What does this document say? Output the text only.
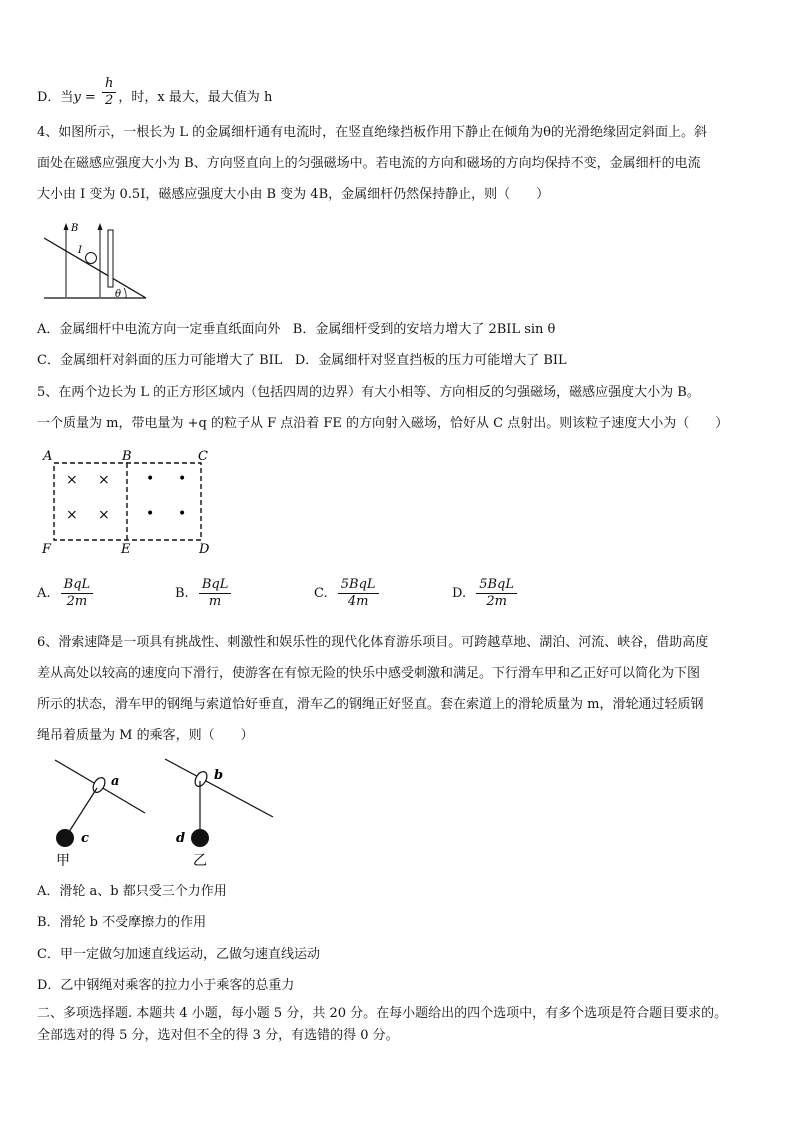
D．当$y = \frac{h}{2}$ ，时，x 最大，最大值为 h
4、如图所示，一根长为 L 的金属细杆通有电流时，在竖直绝缘挡板作用下静止在倾角为θ的光滑绝缘固定斜面上。斜
面处在磁感应强度大小为 B、方向竖直向上的匀强磁场中。若电流的方向和磁场的方向均保持不变，金属细杆的电流
大小由 I 变为 0.5I，磁感应强度大小由 B 变为 4B，金属细杆仍然保持静止，则（　　）
B
I
θ
A．金属细杆中电流方向一定垂直纸面向外 B．金属细杆受到的安培力增大了 2BIL sin θ
C．金属细杆对斜面的压力可能增大了 BIL D．金属细杆对竖直挡板的压力可能增大了 BIL
5、在两个边长为 L 的正方形区域内（包括四周的边界）有大小相等、方向相反的匀强磁场，磁感应强度大小为 B。
一个质量为 m，带电量为 +q 的粒子从 F 点沿着 FE 的方向射入磁场，恰好从 C 点射出。则该粒子速度大小为（　　）
A	B	C
F	E	D
× ×
× ×
• •
• •
A. $\frac{\text{BqL}}{2m}$	B. $\frac{\text{BqL}}{m}$	C. $\frac{\text{5BqL}}{4m}$	D. $\frac{\text{5BqL}}{2m}$
6、滑索速降是一项具有挑战性、刺激性和娱乐性的现代化体育游乐项目。可跨越草地、湖泊、河流、峡谷，借助高度
差从高处以较高的速度向下滑行，使游客在有惊无险的快乐中感受刺激和满足。下行滑车甲和乙正好可以简化为下图
所示的状态，滑车甲的钢绳与索道恰好垂直，滑车乙的钢绳正好竖直。套在索道上的滑轮质量为 m，滑轮通过轻质钢
绳吊着质量为 M 的乘客，则（　　）
a
c
甲
b
d
乙
A．滑轮 a、b 都只受三个力作用
B．滑轮 b 不受摩擦力的作用
C．甲一定做匀加速直线运动，乙做匀速直线运动
D．乙中钢绳对乘客的拉力小于乘客的总重力
二、多项选择题. 本题共 4 小题，每小题 5 分，共 20 分。在每小题给出的四个选项中，有多个选项是符合题目要求的。
全部选对的得 5 分，选对但不全的得 3 分，有选错的得 0 分。
